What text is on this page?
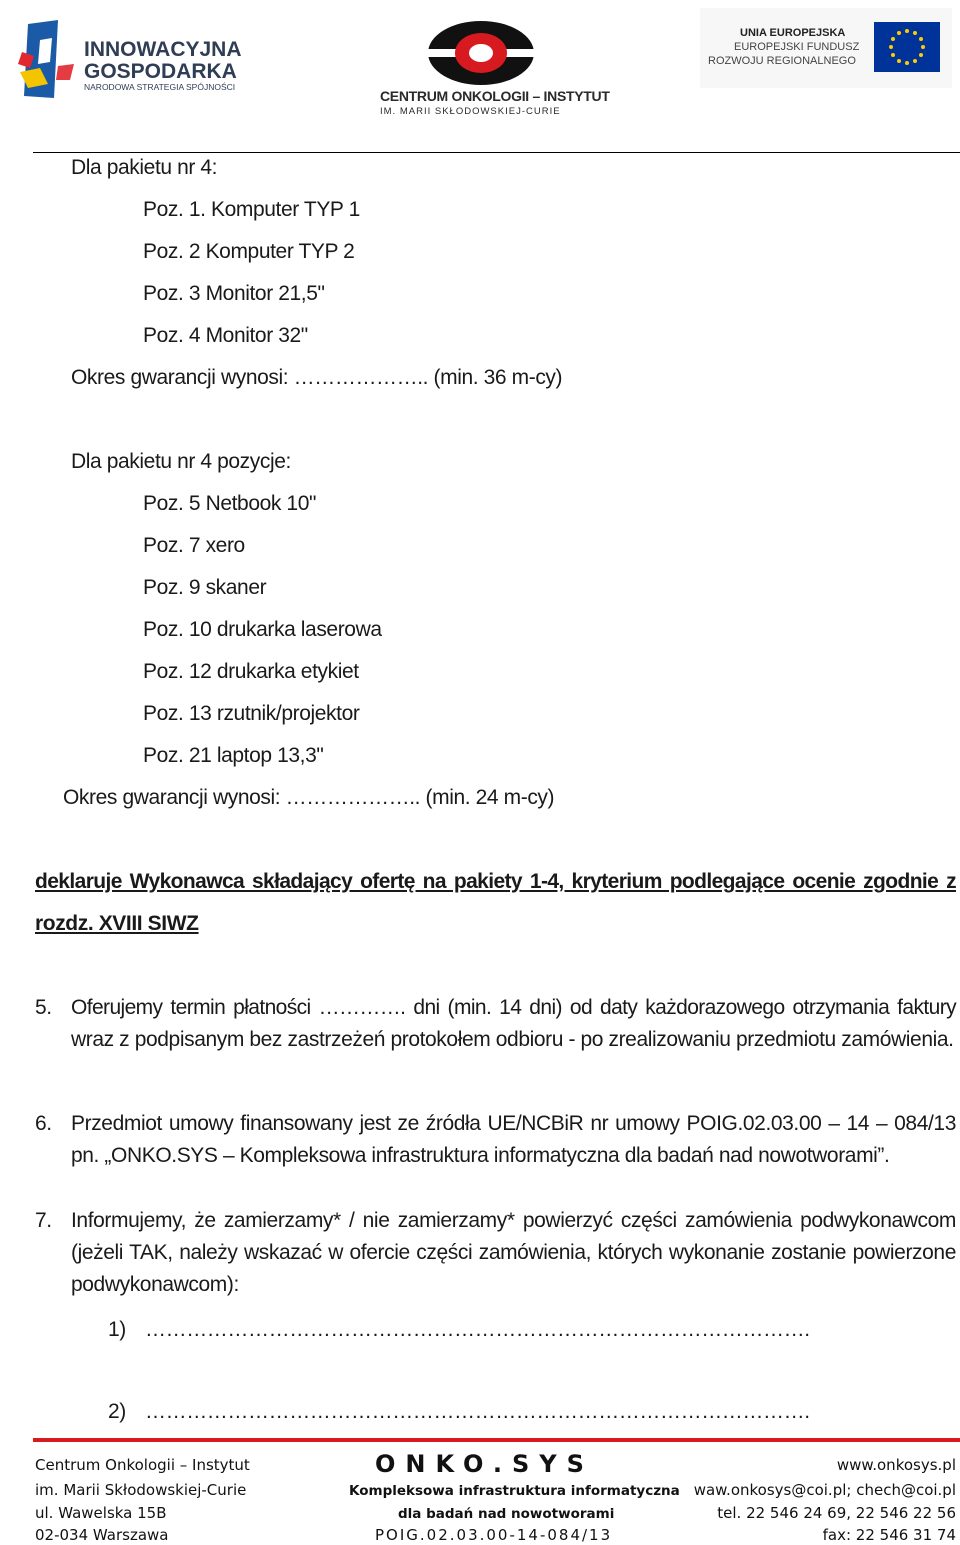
INNOWACYJNA
GOSPODARKA
NARODOWA STRATEGIA SPÓJNOŚCI
CENTRUM ONKOLOGII – INSTYTUT
IM. MARII SKŁODOWSKIEJ-CURIE
UNIA EUROPEJSKA
EUROPEJSKI FUNDUSZ
ROZWOJU REGIONALNEGO
Dla pakietu nr 4:
Poz. 1. Komputer TYP 1
Poz. 2 Komputer TYP 2
Poz. 3 Monitor 21,5"
Poz. 4 Monitor 32"
Okres gwarancji wynosi: ……………….. (min. 36 m-cy)
Dla pakietu nr 4 pozycje:
Poz. 5 Netbook 10"
Poz. 7 xero
Poz. 9 skaner
Poz. 10 drukarka laserowa
Poz. 12 drukarka etykiet
Poz. 13 rzutnik/projektor
Poz. 21 laptop 13,3"
Okres gwarancji wynosi: ……………….. (min. 24 m-cy)
deklaruje Wykonawca składający ofertę na pakiety 1-4, kryterium podlegające ocenie zgodnie z
rozdz. XVIII SIWZ
5. Oferujemy termin płatności …………. dni (min. 14 dni) od daty każdorazowego otrzymania faktury
wraz z podpisanym bez zastrzeżeń protokołem odbioru - po zrealizowaniu przedmiotu zamówienia.
6. Przedmiot umowy finansowany jest ze źródła UE/NCBiR nr umowy POIG.02.03.00 – 14 – 084/13
pn. „ONKO.SYS – Kompleksowa infrastruktura informatyczna dla badań nad nowotworami”.
7. Informujemy, że zamierzamy* / nie zamierzamy* powierzyć części zamówienia podwykonawcom
(jeżeli TAK, należy wskazać w ofercie części zamówienia, których wykonanie zostanie powierzone
podwykonawcom):
1) …………………………………………………………………………………….
2) …………………………………………………………………………………….
Centrum Onkologii – Instytut
im. Marii Skłodowskiej-Curie
ul. Wawelska 15B
02-034 Warszawa
ONKO.SYS
Kompleksowa infrastruktura informatyczna
dla badań nad nowotworami
POIG.02.03.00-14-084/13
www.onkosys.pl
waw.onkosys@coi.pl; chech@coi.pl
tel. 22 546 24 69, 22 546 22 56
fax: 22 546 31 74
